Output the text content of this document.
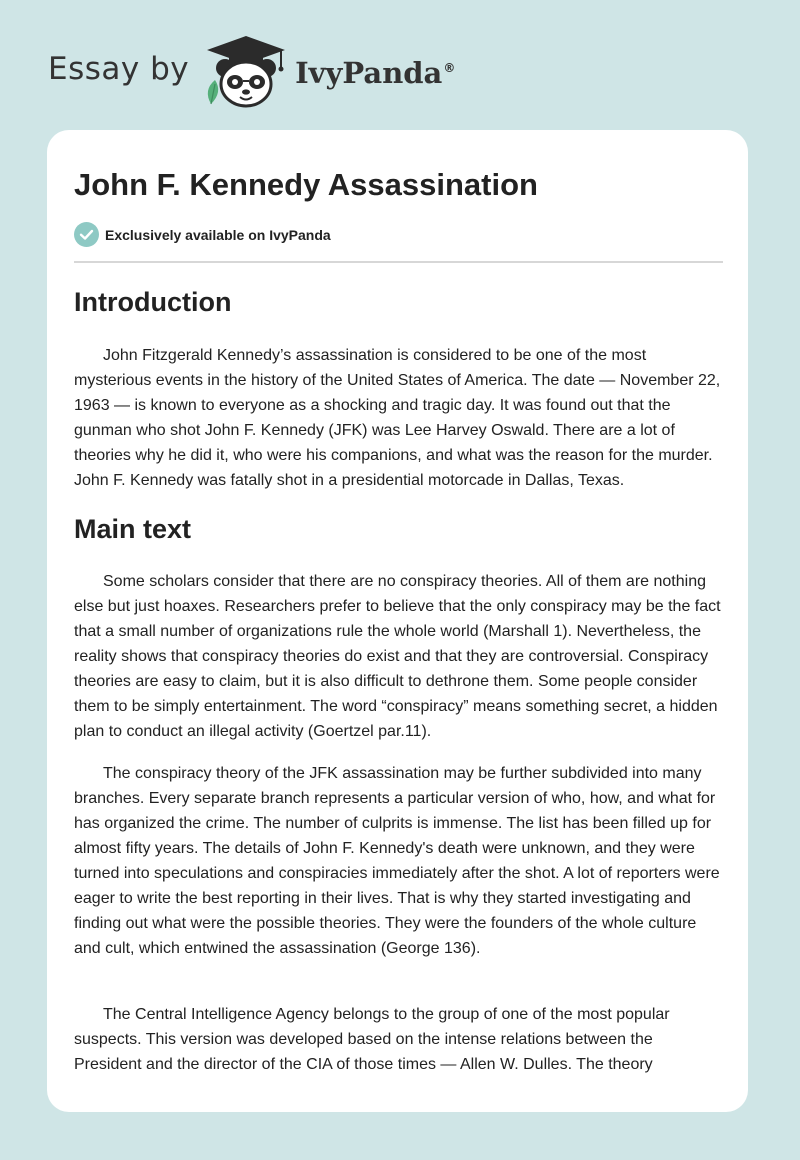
Essay by	IvyPanda®
John F. Kennedy Assassination
Exclusively available on IvyPanda
Introduction

John Fitzgerald Kennedy’s assassination is considered to be one of the most mysterious events in the history of the United States of America. The date — November 22, 1963 — is known to everyone as a shocking and tragic day. It was found out that the gunman who shot John F. Kennedy (JFK) was Lee Harvey Oswald. There are a lot of theories why he did it, who were his companions, and what was the reason for the murder. John F. Kennedy was fatally shot in a presidential motorcade in Dallas, Texas.

Main text

Some scholars consider that there are no conspiracy theories. All of them are nothing else but just hoaxes. Researchers prefer to believe that the only conspiracy may be the fact that a small number of organizations rule the whole world (Marshall 1). Nevertheless, the reality shows that conspiracy theories do exist and that they are controversial. Conspiracy theories are easy to claim, but it is also difficult to dethrone them. Some people consider them to be simply entertainment. The word “conspiracy” means something secret, a hidden plan to conduct an illegal activity (Goertzel par.11).

The conspiracy theory of the JFK assassination may be further subdivided into many branches. Every separate branch represents a particular version of who, how, and what for has organized the crime. The number of culprits is immense. The list has been filled up for almost fifty years. The details of John F. Kennedy's death were unknown, and they were turned into speculations and conspiracies immediately after the shot. A lot of reporters were eager to write the best reporting in their lives. That is why they started investigating and finding out what were the possible theories. They were the founders of the whole culture and cult, which entwined the assassination (George 136).

The Central Intelligence Agency belongs to the group of one of the most popular suspects. This version was developed based on the intense relations between the President and the director of the CIA of those times — Allen W. Dulles. The theory
